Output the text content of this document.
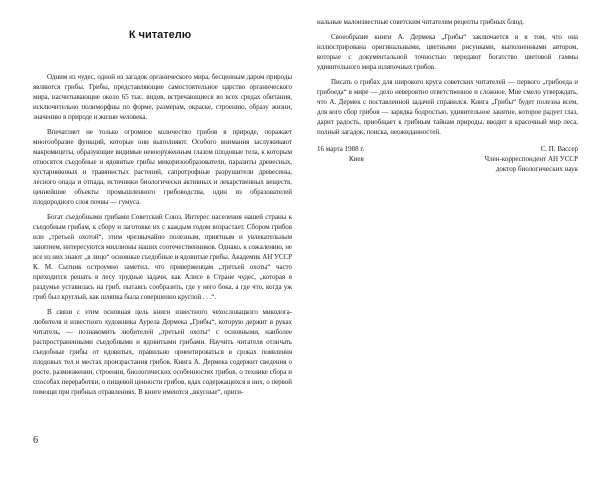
К читателю

Одним из чудес, одной из загадок органического мира, бесценным даром природы являются грибы. Грибы, представляющие самостоятельное царство органического мира, насчитывающие около 65 тыс. видов, встречающиеся во всех средах обитания, исключительно полиморфны по форме, размерам, окраске, строению, образу жизни, значению в природе и жизни человека.

Впечатляет не только огромное количество грибов в природе, поражает многообразие функций, которые они выполняют. Особого внимания заслуживают макромицеты, образующие видимые невооруженным глазом плодовые тела, к которым относятся съедобные и ядовитые грибы микоризообразователи, паразиты древесных, кустарниковых и травянистых растений, сапротрофные разрушители древесины, лесного опада и отпада, источники биологически активных и лекарственных веществ, ценнейшие объекты промышленного грибоводства, один из образователей плодородного слоя почвы — гумуса.

Богат съедобными грибами Советский Союз. Интерес населения нашей страны к съедобным грибам, к сбору и заготовке их с каждым годом возрастает. Сбором грибов или „третьей охотой“, этим чрезвычайно полезным, приятным и увлекательным занятием, интересуются миллионы наших соотечественников. Однако, к сожалению, не все из них знают „в лицо“ основные съедобные и ядовитые грибы. Академик АН УССР К. М. Сытник остроумно заметил, что приверженцам „третьей охоты“ часто приходится решать в лесу трудные задачи, как Алисе в Стране чудес, „которая в раздумье уставилась на гриб, пытаясь сообразить, где у него бока, а где что, когда уж гриб был круглый, как шляпка была совершенно круглой . . .“.

В связи с этим основная цель книги известного чехословацкого миколога-любителя и известного художника Аурела Дермека „Грибы“, которую держит в руках читатель, — познакомить любителей „третьей охоты“ с основными, наиболее распространенными съедобными и ядовитыми грибами. Научить читателя отличать съедобные грибы от ядовитых, правильно ориентироваться в сроках появления плодовых тел и местах произрастания грибов. Книга А. Дермека содержит сведения о росте, размножении, строении, биологических особенностях грибов, о технике сбора и способах переработки, о пищевой ценности грибов, ядах содержащихся в них, о первой помощи при грибных отравлениях. В книге имеются „вкусные“, ориги-

6

нальные малоизвестные советским читателям рецепты грибных блюд.

Своеобразие книги А. Дермека „Грибы“ заключается и в том, что она иллюстрирована оригинальными, цветными рисунками, выполненными автором, которые с документальной точностью передают богатство цветовой гаммы удивительного мира шляпочных грибов.

Писать о грибах для широкого круга советских читателей — первого „грибоеда и грибоеда“ в мире — дело невероятно ответственное и сложное. Мне смело утверждать, что А. Дермек с поставленной задачей справился. Книга „Грибы“ будет полезна всем, для кого сбор грибов — зарядка бодростью, удивительное занятие, которое радует глаз, дарит радость, приобщает к грибным тайнам природы, вводит в красочный мир леса, полный загадок, поиска, неожиданностей.

16 марта 1988 г.
Киев
С. П. Вассер
Член-корреспондент АН УССР
доктор биологических наук
